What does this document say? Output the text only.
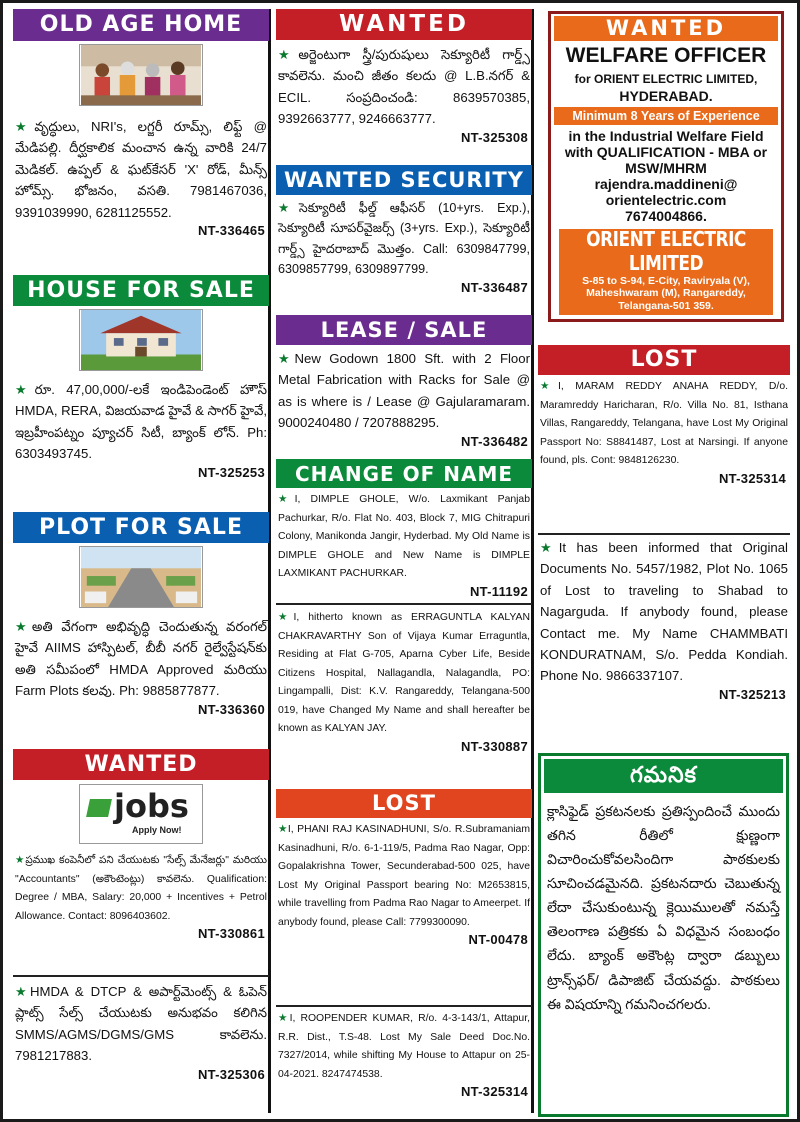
OLD AGE HOME
★వృద్ధులు, NRI's, లగ్జరీ రూమ్స్, లిఫ్ట్ @ మేడిపల్లి. దీర్ఘకాలిక మంచాన ఉన్న వారికి 24/7 మెడికల్. ఉప్పల్ & ఘట్‌కేసర్ 'X' రోడ్, మీన్స్ హోమ్స్. భోజనం, వసతి. 7981467036, 9391039990, 6281125552.
NT-336465
HOUSE FOR SALE
★రూ. 47,00,000/-లకే ఇండిపెండెంట్ హౌస్ HMDA, RERA, విజయవాడ హైవే & సాగర్ హైవే, ఇబ్రహీంపట్నం ప్యూచర్ సిటీ, బ్యాంక్ లోన్. Ph: 6303493745.
NT-325253
PLOT FOR SALE
★అతి వేగంగా అభివృద్ధి చెందుతున్న వరంగల్ హైవే AIIMS హాస్పిటల్, బీబీ నగర్ రైల్వేస్టేషన్‌కు అతి సమీపంలో HMDA Approved మరియు Farm Plots కలవు. Ph: 9885877877.
NT-336360
WANTED
jobs
Apply Now!
★ప్రముఖ కంపెనీలో పని చేయుటకు "సేల్స్ మేనేజర్లు" మరియు "Accountants" (అకౌంటెంట్లు) కావలెను. Qualification: Degree / MBA, Salary: 20,000 + Incentives + Petrol Allowance. Contact: 8096403602.
NT-330861
★HMDA & DTCP & అపార్ట్‌మెంట్స్ & ఓపెన్ ప్లాట్స్ సేల్స్ చేయుటకు అనుభవం కలిగిన SMMS/AGMS/DGMS/GMS కావలెను. 7981217883.
NT-325306
WANTED
★అర్జెంటుగా స్త్రీ/పురుషులు సెక్యూరిటీ గార్డ్స్ కావలెను. మంచి జీతం కలదు @ L.B.నగర్ & ECIL. సంప్రదించండి: 8639570385, 9392663777, 9246663777.
NT-325308
WANTED SECURITY
★సెక్యూరిటీ ఫీల్డ్ ఆఫీసర్ (10+yrs. Exp.), సెక్యూరిటీ సూపర్‌వైజర్స్ (3+yrs. Exp.), సెక్యూరిటీ గార్డ్స్ హైదరాబాద్ మొత్తం. Call: 6309847799, 6309857799, 6309897799.
NT-336487
LEASE / SALE
★New Godown 1800 Sft. with 2 Floor Metal Fabrication with Racks for Sale @ as is where is / Lease @ Gajularamaram. 9000240480 / 7207888295.
NT-336482
CHANGE OF NAME
★I, DIMPLE GHOLE, W/o. Laxmikant Panjab Pachurkar, R/o. Flat No. 403, Block 7, MIG Chitrapuri Colony, Manikonda Jangir, Hyderbad. My Old Name is DIMPLE GHOLE and New Name is DIMPLE LAXMIKANT PACHURKAR.
NT-11192
★I, hitherto known as ERRAGUNTLA KALYAN CHAKRAVARTHY Son of Vijaya Kumar Erraguntla, Residing at Flat G-705, Aparna Cyber Life, Beside Citizens Hospital, Nallagandla, Nalagandla, PO: Lingampalli, Dist: K.V. Rangareddy, Telangana-500 019, have Changed My Name and shall hereafter be known as KALYAN JAY.
NT-330887
LOST
★I, PHANI RAJ KASINADHUNI, S/o. R.Subramaniam Kasinadhuni, R/o. 6-1-119/5, Padma Rao Nagar, Opp: Gopalakrishna Tower, Secunderabad-500 025, have Lost My Original Passport bearing No: M2653815, while travelling from Padma Rao Nagar to Ameerpet. If anybody found, please Call: 7799300090.
NT-00478
★I, ROOPENDER KUMAR, R/o. 4-3-143/1, Attapur, R.R. Dist., T.S-48. Lost My Sale Deed Doc.No. 7327/2014, while shifting My House to Attapur on 25-04-2021. 8247474538.
NT-325314
WANTED
WELFARE OFFICER
for ORIENT ELECTRIC LIMITED,
HYDERABAD.
Minimum 8 Years of Experience
in the Industrial Welfare Field with QUALIFICATION - MBA or MSW/MHRM
rajendra.maddineni@ orientelectric.com
7674004866.
ORIENT ELECTRIC LIMITED
S-85 to S-94, E-City, Raviryala (V), Maheshwaram (M), Rangareddy, Telangana-501 359.
LOST
★I, MARAM REDDY ANAHA REDDY, D/o. Maramreddy Haricharan, R/o. Villa No. 81, Isthana Villas, Rangareddy, Telangana, have Lost My Original Passport No: S8841487, Lost at Narsingi. If anyone found, pls. Cont: 9848126230.
NT-325314
★It has been informed that Original Documents No. 5457/1982, Plot No. 1065 of Lost to traveling to Shabad to Nagarguda. If anybody found, please Contact me. My Name CHAMMBATI KONDURATNAM, S/o. Pedda Kondiah. Phone No. 9866337107.
NT-325213
గమనిక
క్లాసిఫైడ్ ప్రకటనలకు ప్రతిస్పందించే ముందు తగిన రీతిలో క్షుణ్ణంగా విచారించుకోవలసిందిగా పాఠకులకు సూచించడమైనది. ప్రకటనదారు చెబుతున్న లేదా చేసుకుంటున్న క్లెయిములతో నమస్తే తెలంగాణ పత్రికకు ఏ విధమైన సంబంధం లేదు. బ్యాంక్ అకౌంట్ల ద్వారా డబ్బులు ట్రాన్స్‌ఫర్/ డిపాజిట్ చేయవద్దు. పాఠకులు ఈ విషయాన్ని గమనించగలరు.
